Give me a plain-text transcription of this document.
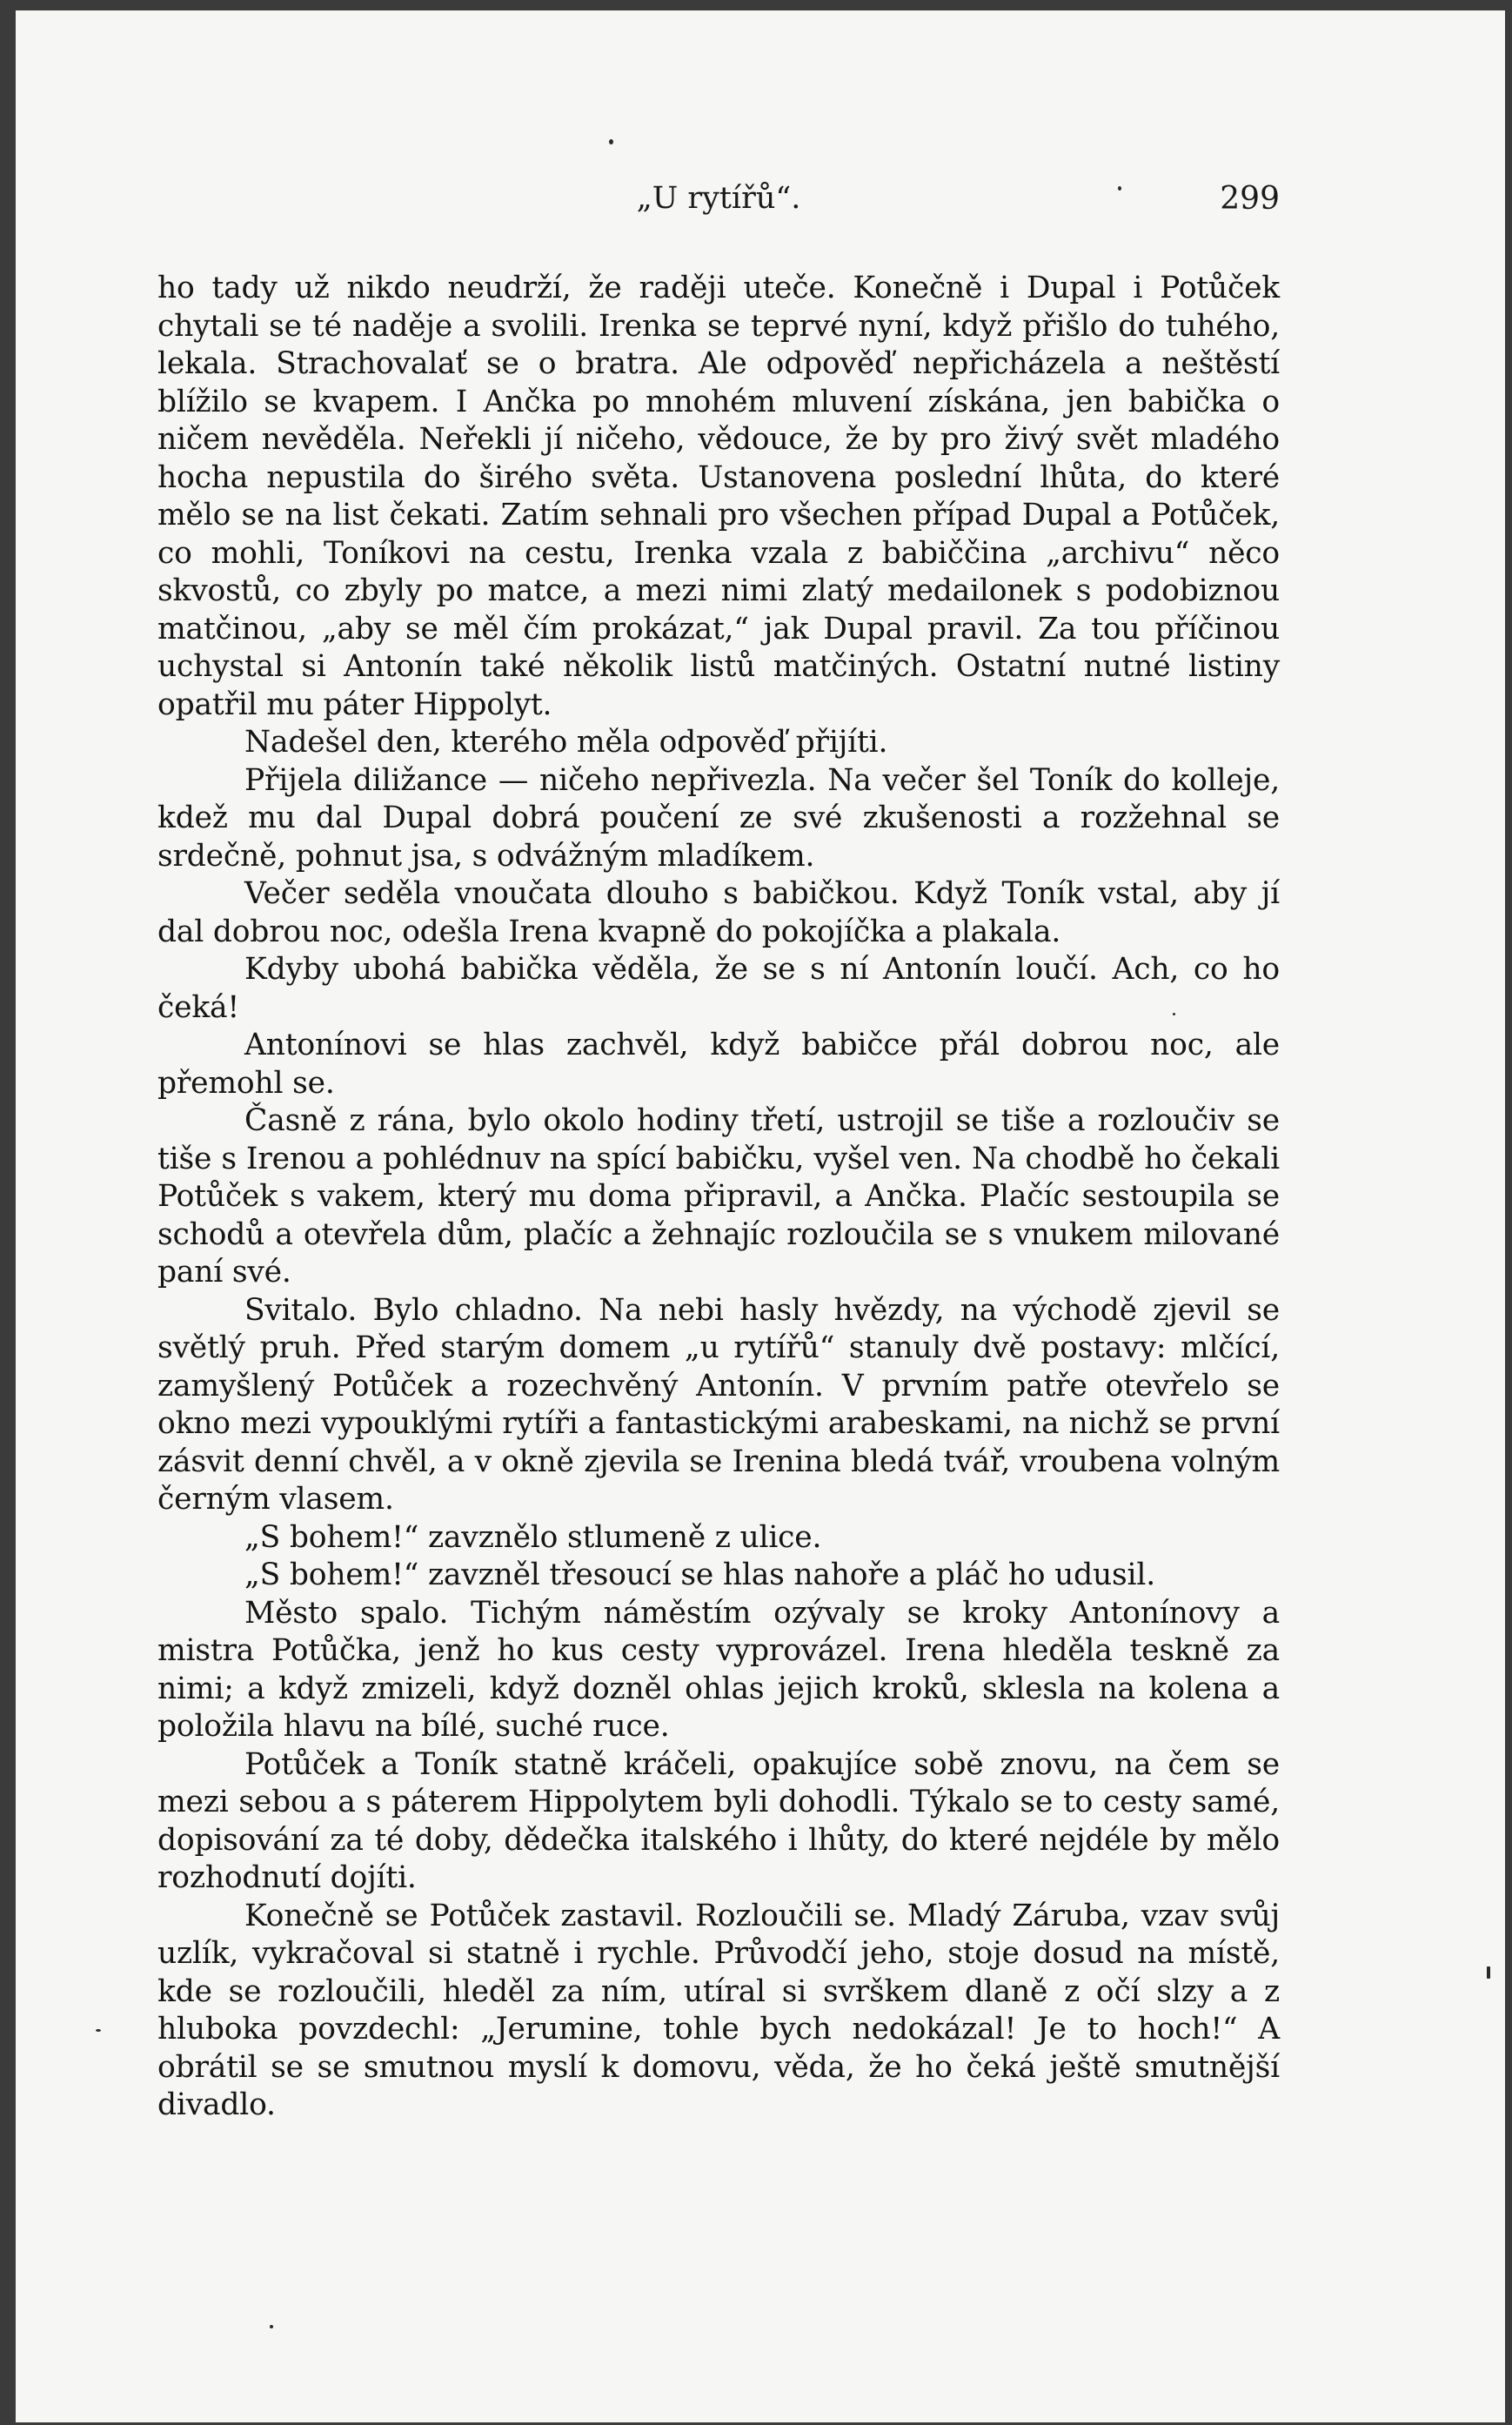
„U rytířů“.	299

ho tady už nikdo neudrží, že raději uteče. Konečně i Dupal i Potůček chytali se té naděje a svolili. Irenka se teprvé nyní, když přišlo do tuhého, lekala. Strachovalať se o bratra. Ale odpověď nepřicházela a neštěstí blížilo se kvapem. I Ančka po mnohém mluvení získána, jen babička o ničem nevěděla. Neřekli jí ničeho, vědouce, že by pro živý svět mladého hocha nepustila do širého světa. Ustanovena poslední lhůta, do které mělo se na list čekati. Zatím sehnali pro všechen případ Dupal a Potůček, co mohli, Toníkovi na cestu, Irenka vzala z babiččina „archivu“ něco skvostů, co zbyly po matce, a mezi nimi zlatý medailonek s podobiznou matčinou, „aby se měl čím prokázat,“ jak Dupal pravil. Za tou příčinou uchystal si Antonín také několik listů matčiných. Ostatní nutné listiny opatřil mu páter Hippolyt.

Nadešel den, kterého měla odpověď přijíti.

Přijela diližance — ničeho nepřivezla. Na večer šel Toník do kolleje, kdež mu dal Dupal dobrá poučení ze své zkušenosti a rozžehnal se srdečně, pohnut jsa, s odvážným mladíkem.

Večer seděla vnoučata dlouho s babičkou. Když Toník vstal, aby jí dal dobrou noc, odešla Irena kvapně do pokojíčka a plakala.

Kdyby ubohá babička věděla, že se s ní Antonín loučí. Ach, co ho čeká!

Antonínovi se hlas zachvěl, když babičce přál dobrou noc, ale přemohl se.

Časně z rána, bylo okolo hodiny třetí, ustrojil se tiše a rozloučiv se tiše s Irenou a pohlédnuv na spící babičku, vyšel ven. Na chodbě ho čekali Potůček s vakem, který mu doma připravil, a Ančka. Plačíc sestoupila se schodů a otevřela dům, plačíc a žehnajíc rozloučila se s vnukem milované paní své.

Svitalo. Bylo chladno. Na nebi hasly hvězdy, na východě zjevil se světlý pruh. Před starým domem „u rytířů“ stanuly dvě postavy: mlčící, zamyšlený Potůček a rozechvěný Antonín. V prvním patře otevřelo se okno mezi vypouklými rytíři a fantastickými arabeskami, na nichž se první zásvit denní chvěl, a v okně zjevila se Irenina bledá tvář, vroubena volným černým vlasem.

„S bohem!“ zavznělo stlumeně z ulice.

„S bohem!“ zavzněl třesoucí se hlas nahoře a pláč ho udusil.

Město spalo. Tichým náměstím ozývaly se kroky Antonínovy a mistra Potůčka, jenž ho kus cesty vyprovázel. Irena hleděla teskně za nimi; a když zmizeli, když dozněl ohlas jejich kroků, sklesla na kolena a položila hlavu na bílé, suché ruce.

Potůček a Toník statně kráčeli, opakujíce sobě znovu, na čem se mezi sebou a s páterem Hippolytem byli dohodli. Týkalo se to cesty samé, dopisování za té doby, dědečka italského i lhůty, do které nejdéle by mělo rozhodnutí dojíti.

Konečně se Potůček zastavil. Rozloučili se. Mladý Záruba, vzav svůj uzlík, vykračoval si statně i rychle. Průvodčí jeho, stoje dosud na místě, kde se rozloučili, hleděl za ním, utíral si svrškem dlaně z očí slzy a z hluboka povzdechl: „Jerumine, tohle bych nedokázal! Je to hoch!“ A obrátil se se smutnou myslí k domovu, věda, že ho čeká ještě smutnější divadlo.
